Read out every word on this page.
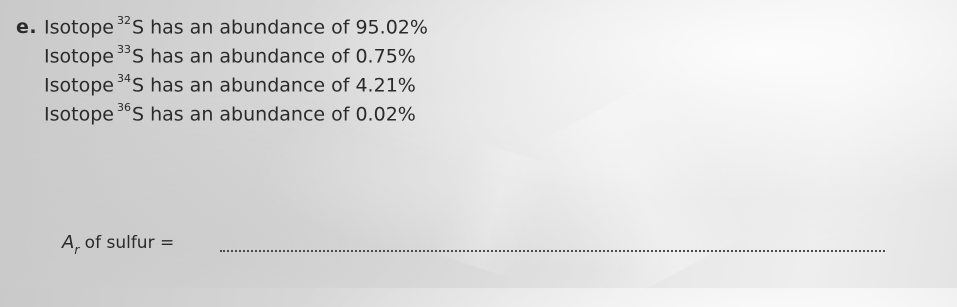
e. Isotope $^{32}$S has an abundance of 95.02%
Isotope $^{33}$S has an abundance of 0.75%
Isotope $^{34}$S has an abundance of 4.21%
Isotope $^{36}$S has an abundance of 0.02%
$A_r$ of sulfur =
